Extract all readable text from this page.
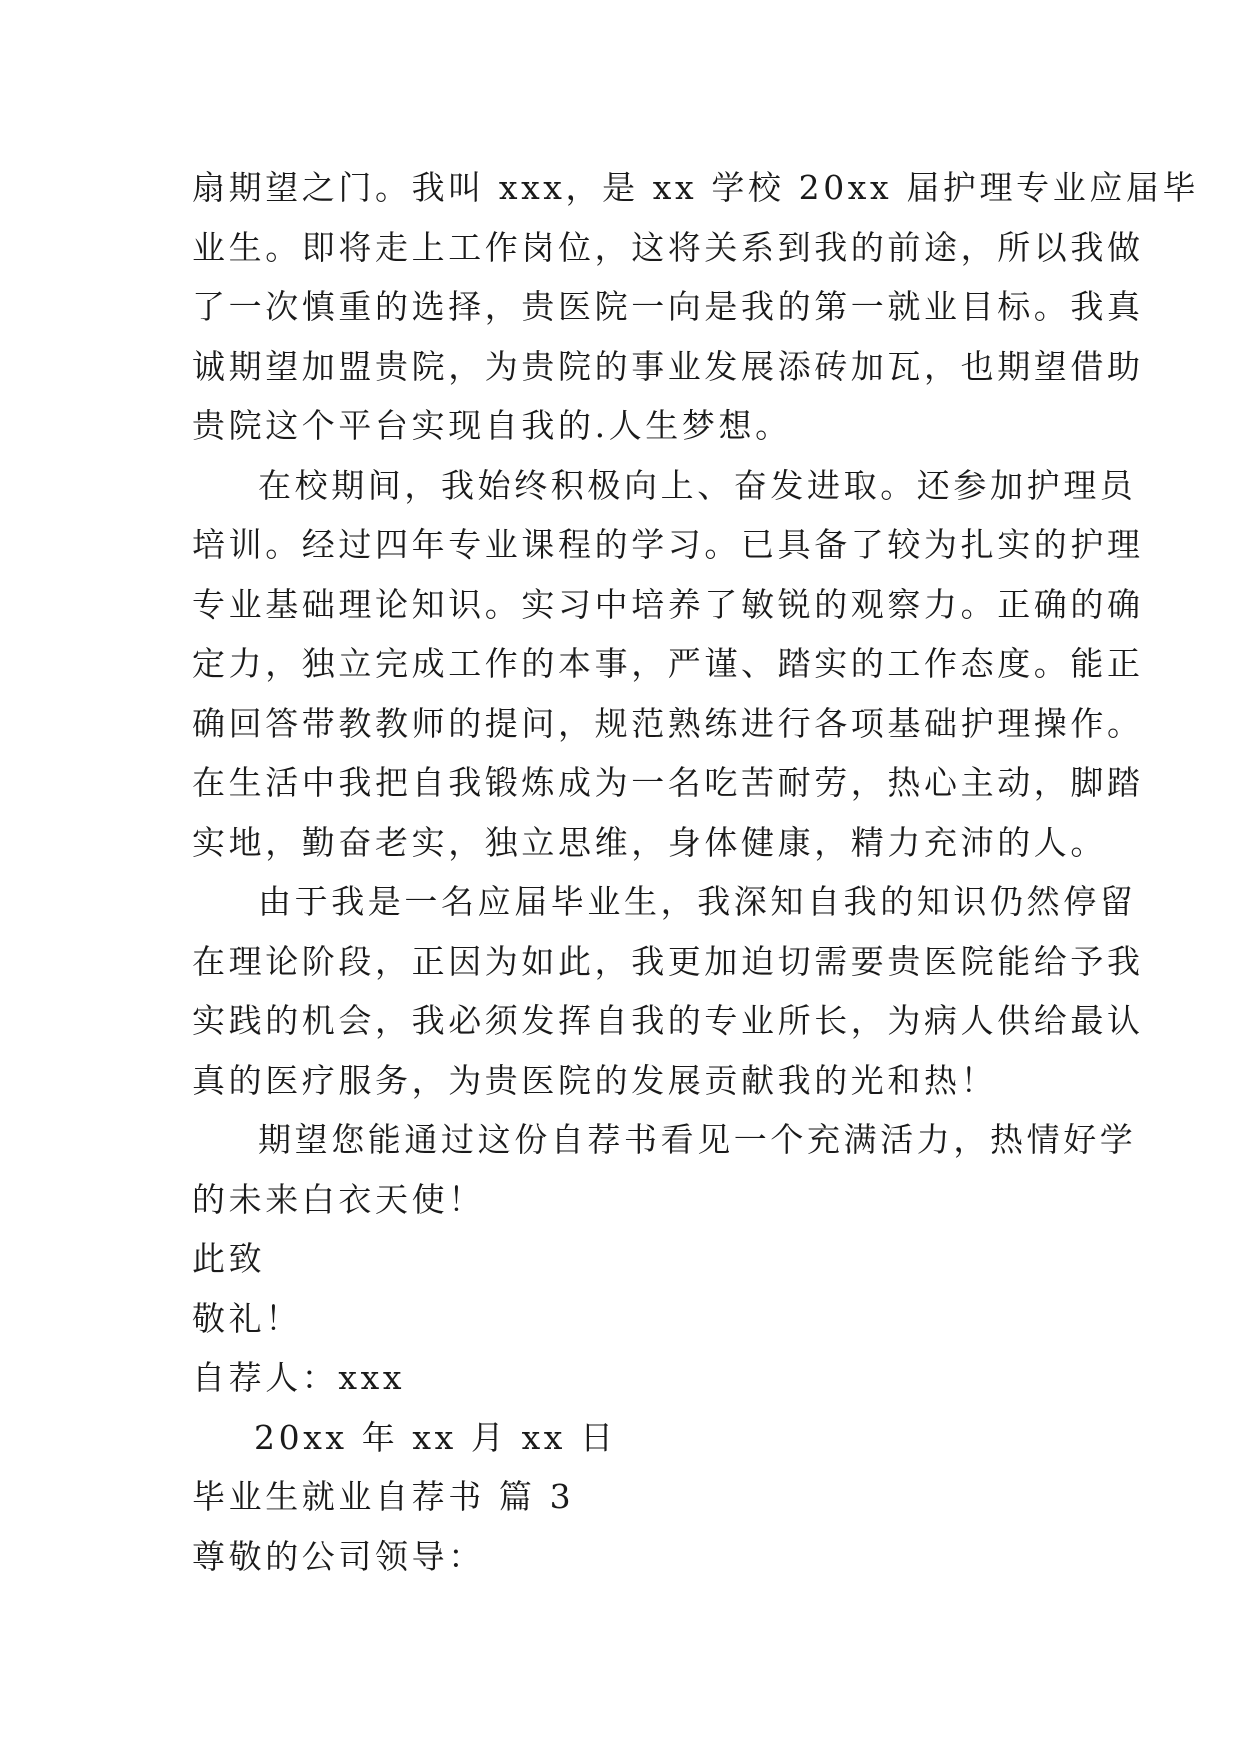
扇期望之门。我叫 xxx，是 xx 学校 20xx 届护理专业应届毕
业生。即将走上工作岗位，这将关系到我的前途，所以我做
了一次慎重的选择，贵医院一向是我的第一就业目标。我真
诚期望加盟贵院，为贵院的事业发展添砖加瓦，也期望借助
贵院这个平台实现自我的.人生梦想。
在校期间，我始终积极向上、奋发进取。还参加护理员
培训。经过四年专业课程的学习。已具备了较为扎实的护理
专业基础理论知识。实习中培养了敏锐的观察力。正确的确
定力，独立完成工作的本事，严谨、踏实的工作态度。能正
确回答带教教师的提问，规范熟练进行各项基础护理操作。
在生活中我把自我锻炼成为一名吃苦耐劳，热心主动，脚踏
实地，勤奋老实，独立思维，身体健康，精力充沛的人。
由于我是一名应届毕业生，我深知自我的知识仍然停留
在理论阶段，正因为如此，我更加迫切需要贵医院能给予我
实践的机会，我必须发挥自我的专业所长，为病人供给最认
真的医疗服务，为贵医院的发展贡献我的光和热！
期望您能通过这份自荐书看见一个充满活力，热情好学
的未来白衣天使！
此致
敬礼！
自荐人：xxx
20xx 年 xx 月 xx 日
毕业生就业自荐书 篇 3
尊敬的公司领导：
